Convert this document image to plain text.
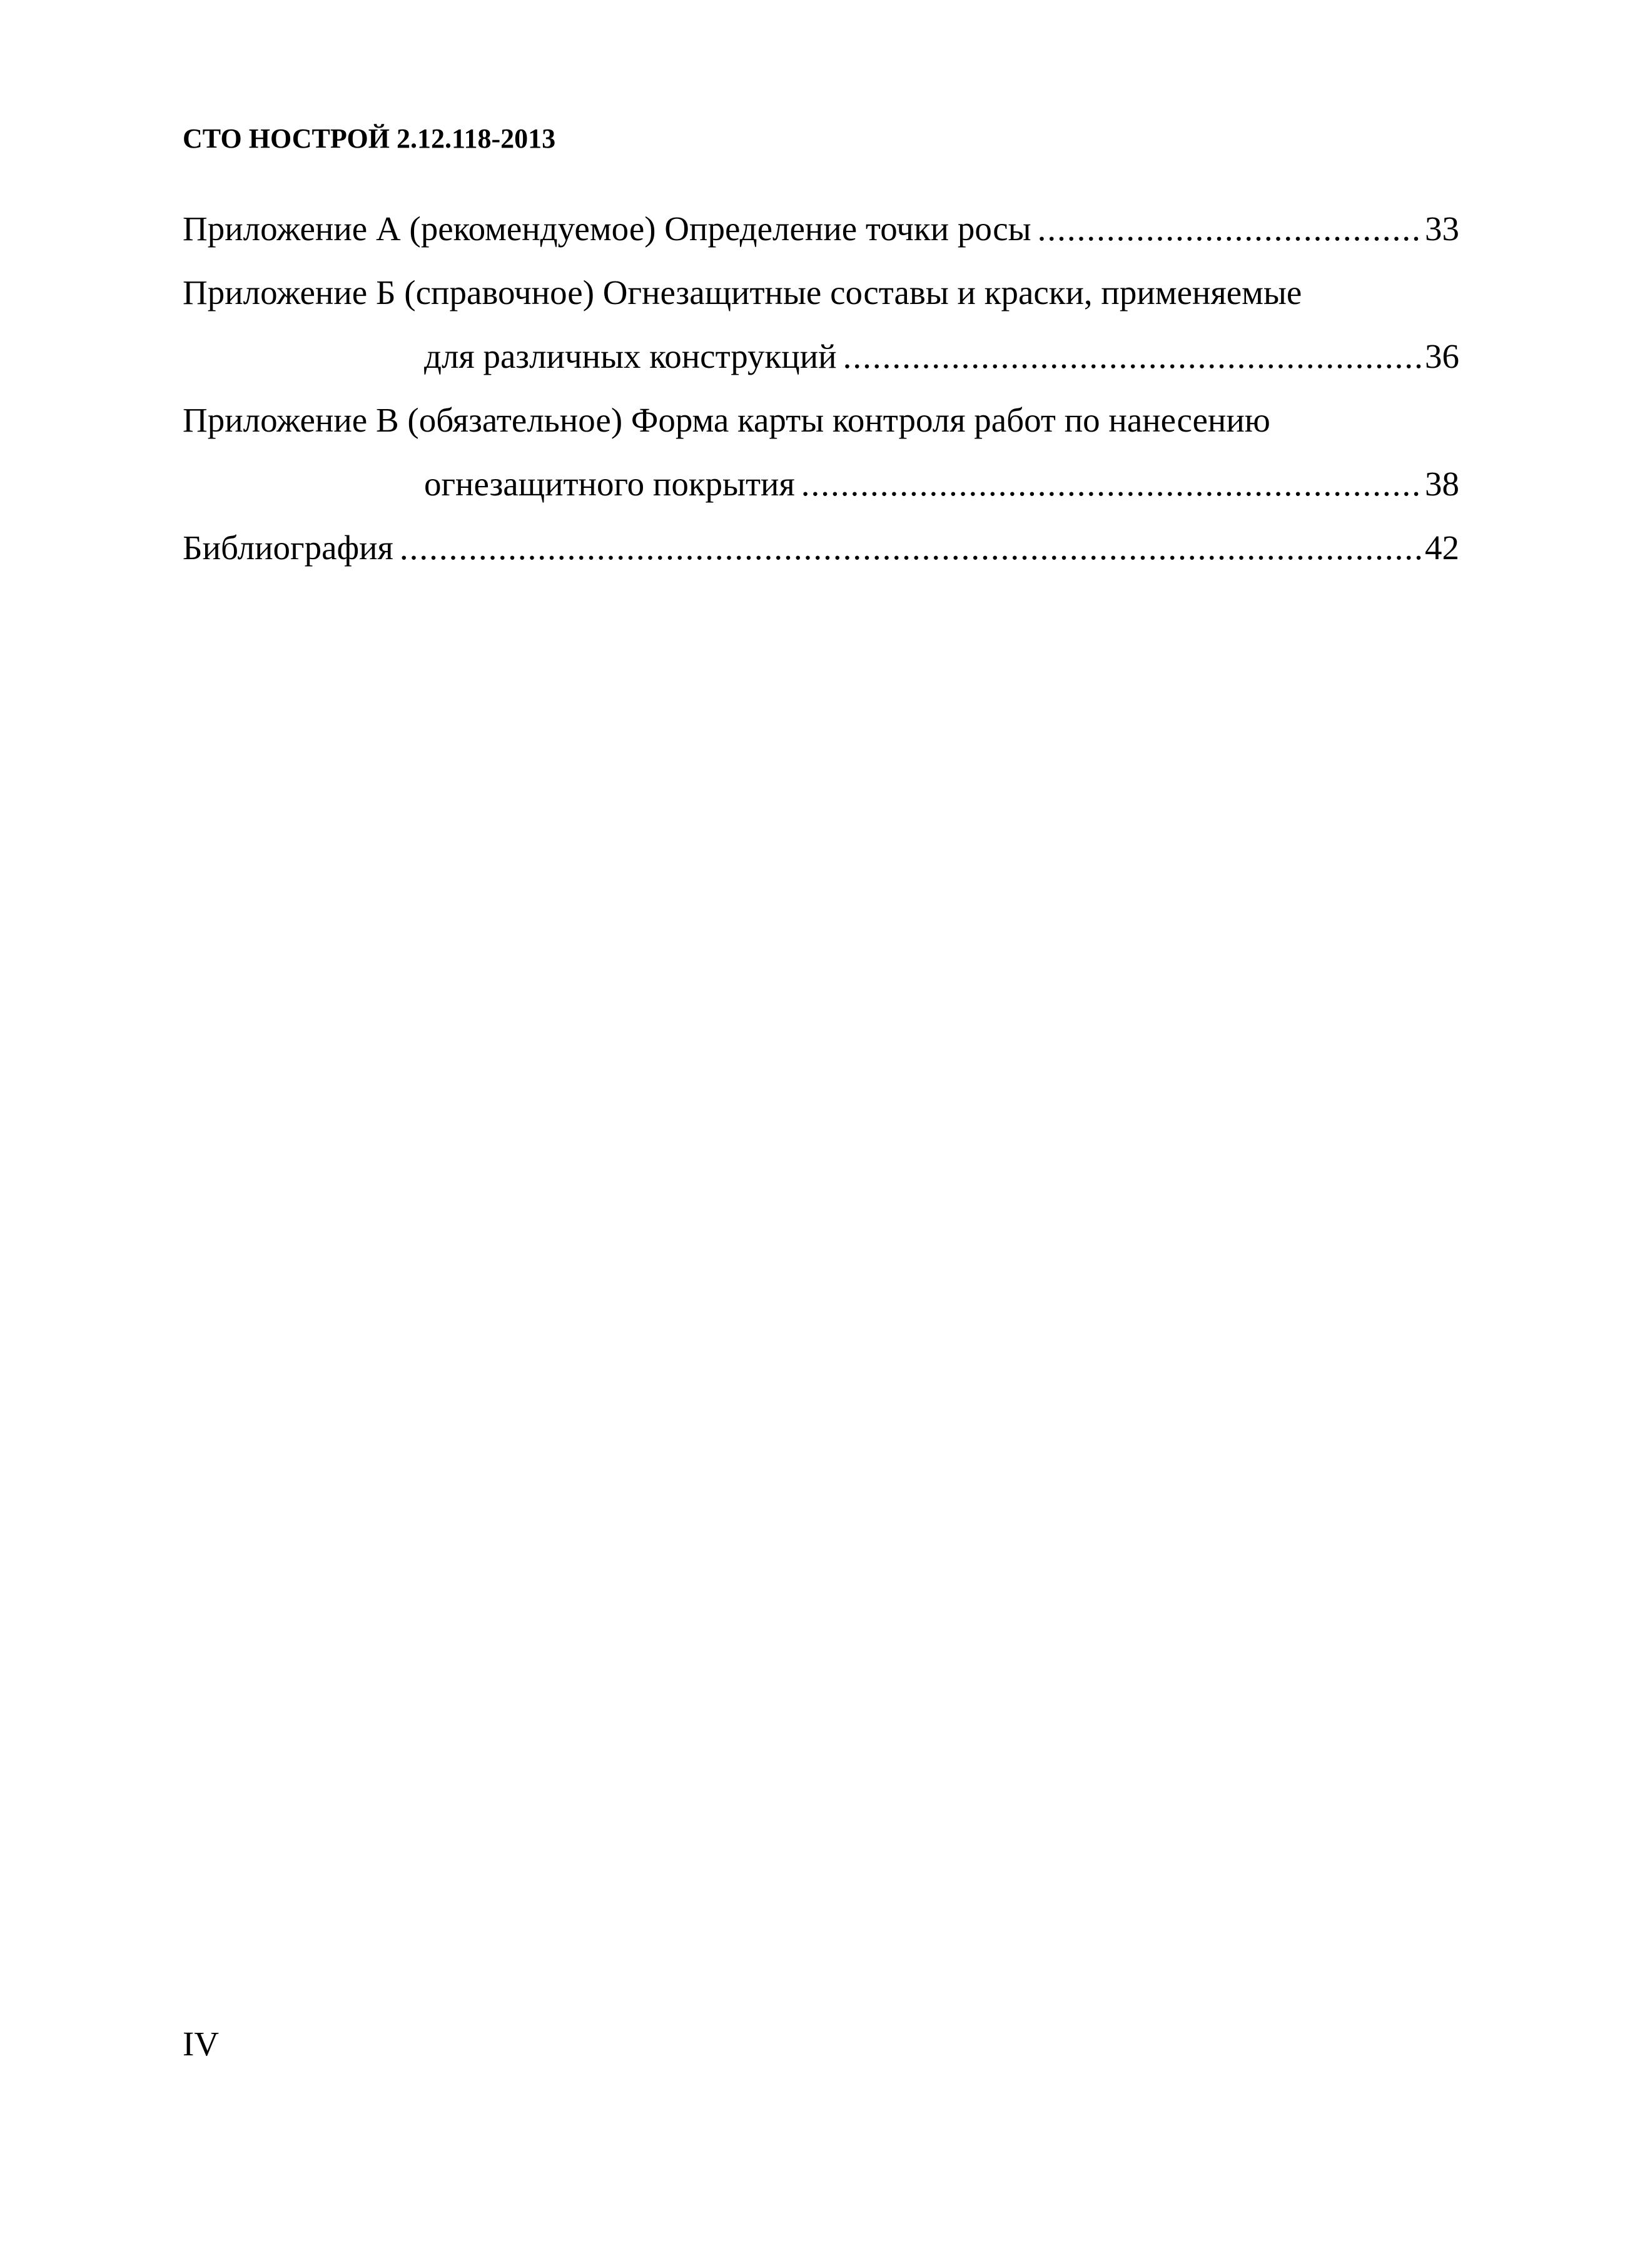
СТО НОСТРОЙ 2.12.118-2013
Приложение А (рекомендуемое) Определение точки росы .....	33
Приложение Б (справочное) Огнезащитные составы и краски, применяемые
для различных конструкций .....	36
Приложение В (обязательное) Форма карты контроля работ по нанесению
огнезащитного покрытия .....	38
Библиография .....	42
IV
